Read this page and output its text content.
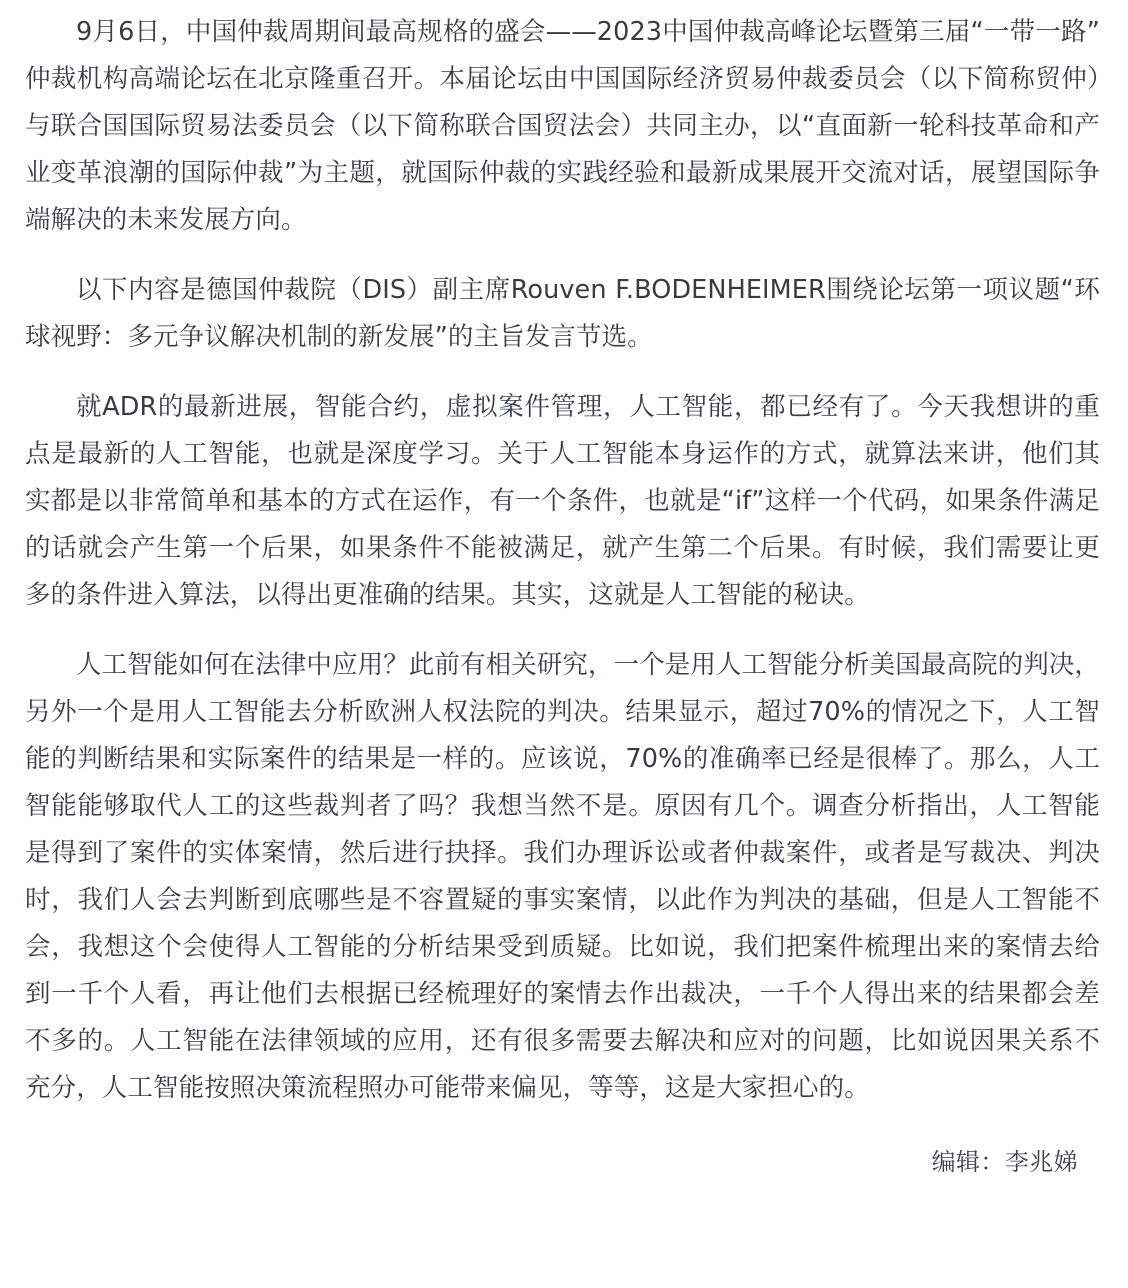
9月6日，中国仲裁周期间最高规格的盛会——2023中国仲裁高峰论坛暨第三届“一带一路”仲裁机构高端论坛在北京隆重召开。本届论坛由中国国际经济贸易仲裁委员会（以下简称贸仲）与联合国国际贸易法委员会（以下简称联合国贸法会）共同主办，以“直面新一轮科技革命和产业变革浪潮的国际仲裁”为主题，就国际仲裁的实践经验和最新成果展开交流对话，展望国际争端解决的未来发展方向。

以下内容是德国仲裁院（DIS）副主席Rouven F.BODENHEIMER围绕论坛第一项议题“环球视野：多元争议解决机制的新发展”的主旨发言节选。

就ADR的最新进展，智能合约，虚拟案件管理，人工智能，都已经有了。今天我想讲的重点是最新的人工智能，也就是深度学习。关于人工智能本身运作的方式，就算法来讲，他们其实都是以非常简单和基本的方式在运作，有一个条件，也就是“if”这样一个代码，如果条件满足的话就会产生第一个后果，如果条件不能被满足，就产生第二个后果。有时候，我们需要让更多的条件进入算法，以得出更准确的结果。其实，这就是人工智能的秘诀。

人工智能如何在法律中应用？此前有相关研究，一个是用人工智能分析美国最高院的判决，另外一个是用人工智能去分析欧洲人权法院的判决。结果显示，超过70%的情况之下，人工智能的判断结果和实际案件的结果是一样的。应该说，70%的准确率已经是很棒了。那么，人工智能能够取代人工的这些裁判者了吗？我想当然不是。原因有几个。调查分析指出，人工智能是得到了案件的实体案情，然后进行抉择。我们办理诉讼或者仲裁案件，或者是写裁决、判决时，我们人会去判断到底哪些是不容置疑的事实案情，以此作为判决的基础，但是人工智能不会，我想这个会使得人工智能的分析结果受到质疑。比如说，我们把案件梳理出来的案情去给到一千个人看，再让他们去根据已经梳理好的案情去作出裁决，一千个人得出来的结果都会差不多的。人工智能在法律领域的应用，还有很多需要去解决和应对的问题，比如说因果关系不充分，人工智能按照决策流程照办可能带来偏见，等等，这是大家担心的。

编辑：李兆娣
